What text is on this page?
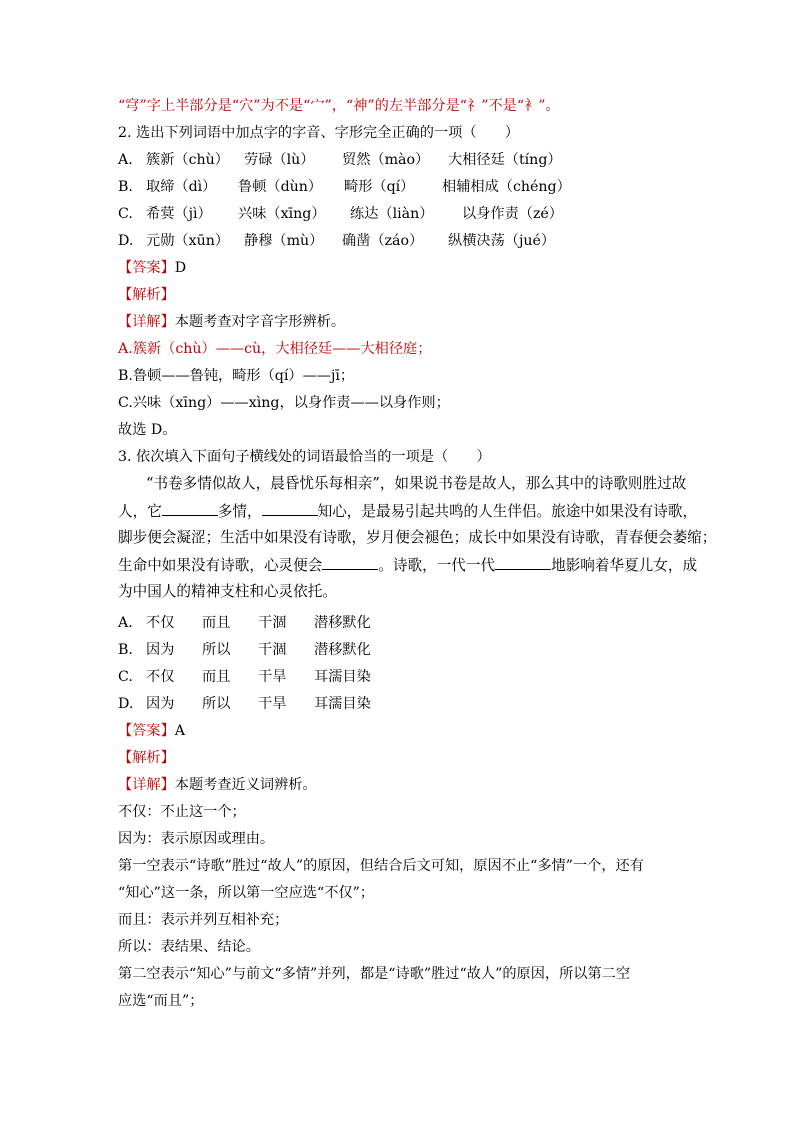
“穹”字上半部分是“穴”为不是“宀”，“神”的左半部分是“礻”不是“衤”。
2. 选出下列词语中加点字的字音、字形完全正确的一项（　　）
A. 簇新（chù）	劳碌（lù）	贸然（mào）	大相径廷（tíng）
B. 取缔（dì）	鲁顿（dùn）	畸形（qí）	相辅相成（chéng）
C. 希蓂（jì）	兴味（xīng）	练达（liàn）	以身作责（zé）
D. 元勋（xūn）	静穆（mù）	确凿（záo）	纵横决荡（jué）
【答案】D
【解析】
【详解】本题考查对字音字形辨析。
A.簇新（chù）——cù，大相径廷——大相径庭；
B.鲁顿——鲁钝，畸形（qí）——jī；
C.兴味（xīng）——xìng，以身作责——以身作则；
故选 D。
3. 依次填入下面句子横线处的词语最恰当的一项是（　　）
“书卷多情似故人，晨昏忧乐每相亲”，如果说书卷是故人，那么其中的诗歌则胜过故
人，它	多情，	知心，是最易引起共鸣的人生伴侣。旅途中如果没有诗歌，
脚步便会凝涩；生活中如果没有诗歌，岁月便会褪色；成长中如果没有诗歌，青春便会萎缩；
生命中如果没有诗歌，心灵便会	。诗歌，一代一代	地影响着华夏儿女，成
为中国人的精神支柱和心灵依托。
A. 不仅	而且	干涸	潜移默化
B. 因为	所以	干涸	潜移默化
C. 不仅	而且	干旱	耳濡目染
D. 因为	所以	干旱	耳濡目染
【答案】A
【解析】
【详解】本题考查近义词辨析。
不仅：不止这一个；
因为：表示原因或理由。
第一空表示“诗歌”胜过“故人”的原因，但结合后文可知，原因不止“多情”一个，还有
“知心”这一条，所以第一空应选“不仅”；
而且：表示并列互相补充；
所以：表结果、结论。
第二空表示“知心”与前文“多情”并列，都是“诗歌”胜过“故人”的原因，所以第二空
应选“而且”；
